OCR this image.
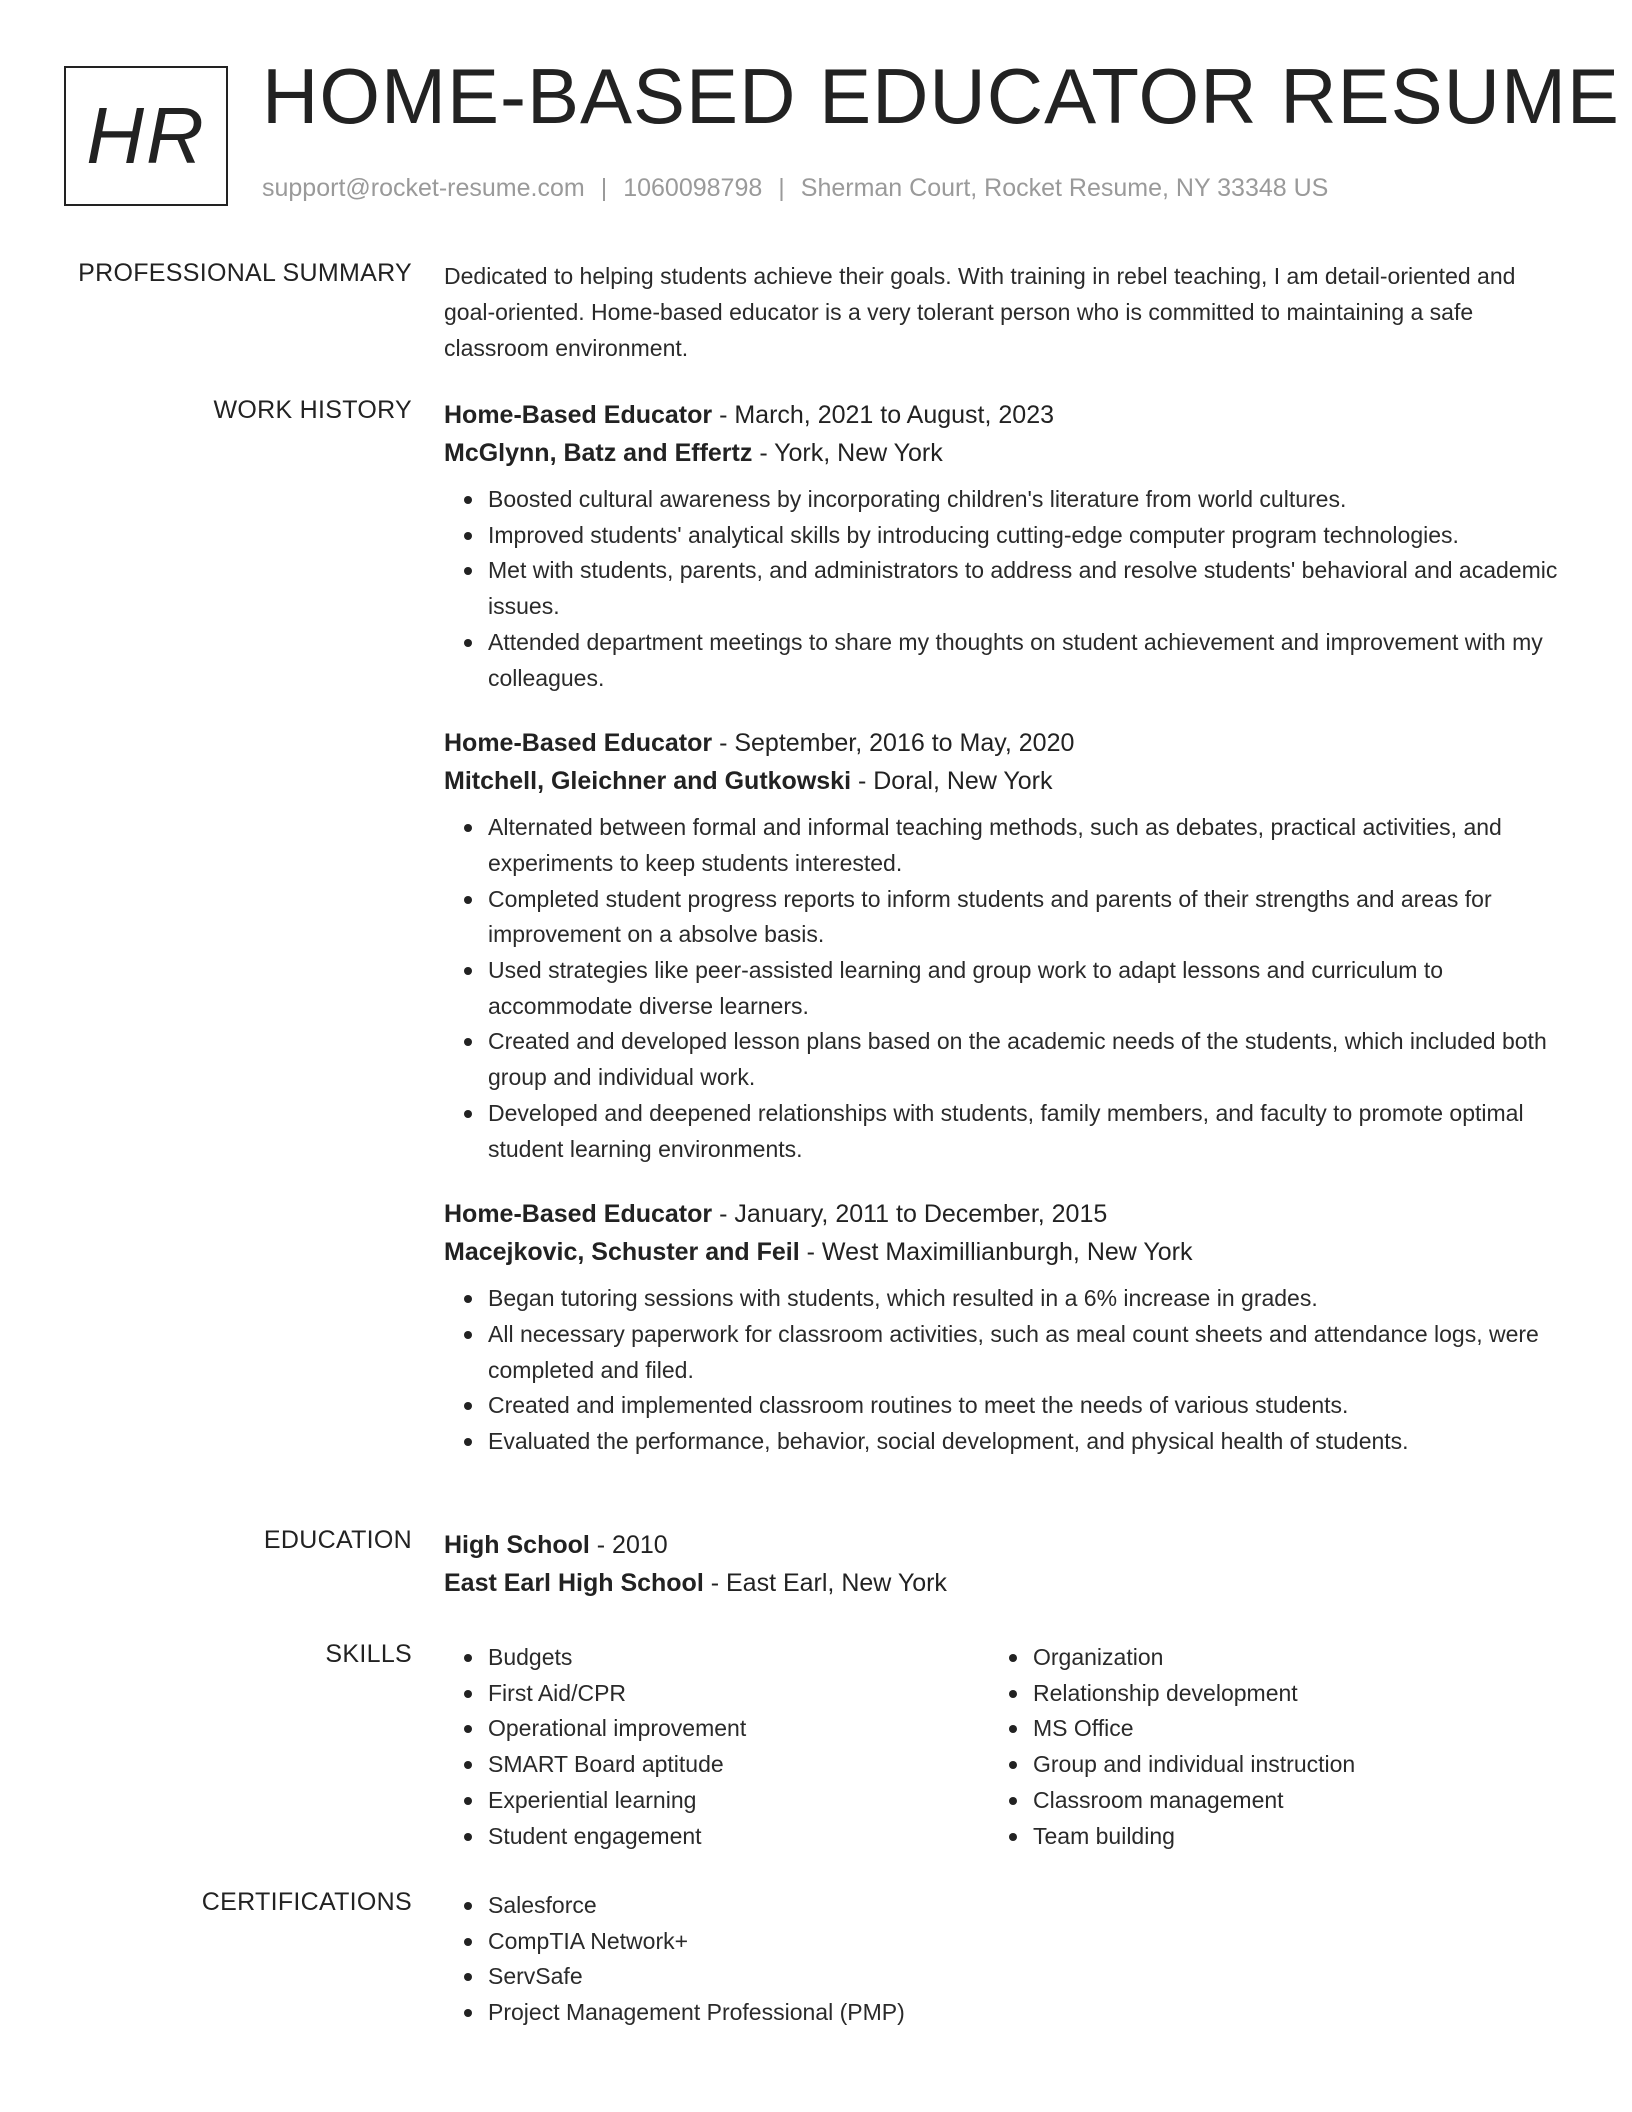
HR HOME-BASED EDUCATOR RESUME
support@rocket-resume.com | 1060098798 | Sherman Court, Rocket Resume, NY 33348 US
PROFESSIONAL SUMMARY Dedicated to helping students achieve their goals. With training in rebel teaching, I am detail-oriented and goal-oriented. Home-based educator is a very tolerant person who is committed to maintaining a safe classroom environment.

WORK HISTORY Home-Based Educator - March, 2021 to August, 2023
McGlynn, Batz and Effertz - York, New York
Boosted cultural awareness by incorporating children's literature from world cultures.
Improved students' analytical skills by introducing cutting-edge computer program technologies.
Met with students, parents, and administrators to address and resolve students' behavioral and academic issues.
Attended department meetings to share my thoughts on student achievement and improvement with my colleagues.
Home-Based Educator - September, 2016 to May, 2020
Mitchell, Gleichner and Gutkowski - Doral, New York
Alternated between formal and informal teaching methods, such as debates, practical activities, and experiments to keep students interested.
Completed student progress reports to inform students and parents of their strengths and areas for improvement on a absolve basis.
Used strategies like peer-assisted learning and group work to adapt lessons and curriculum to accommodate diverse learners.
Created and developed lesson plans based on the academic needs of the students, which included both group and individual work.
Developed and deepened relationships with students, family members, and faculty to promote optimal student learning environments.
Home-Based Educator - January, 2011 to December, 2015
Macejkovic, Schuster and Feil - West Maximillianburgh, New York
Began tutoring sessions with students, which resulted in a 6% increase in grades.
All necessary paperwork for classroom activities, such as meal count sheets and attendance logs, were completed and filed.
Created and implemented classroom routines to meet the needs of various students.
Evaluated the performance, behavior, social development, and physical health of students.
EDUCATION High School - 2010
East Earl High School - East Earl, New York
SKILLS	Budgets
First Aid/CPR
Operational improvement
SMART Board aptitude
Experiential learning
Student engagement
Organization
Relationship development
MS Office
Group and individual instruction
Classroom management
Team building
CERTIFICATIONS	Salesforce
CompTIA Network+
ServSafe
Project Management Professional (PMP)
